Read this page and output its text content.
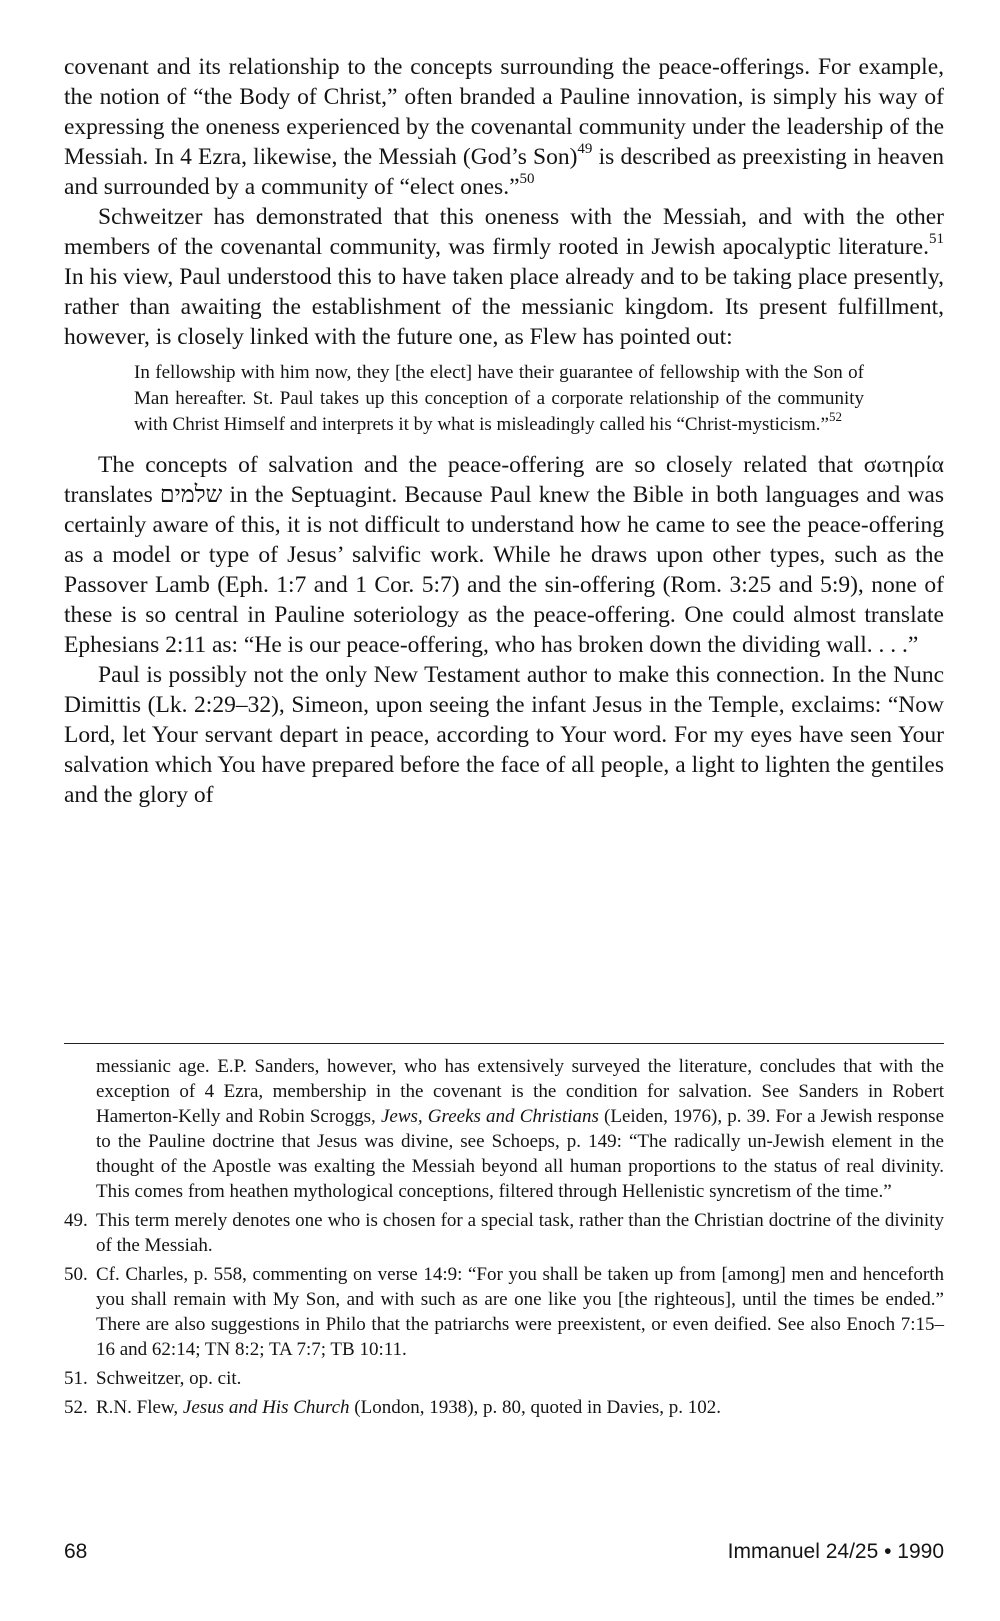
covenant and its relationship to the concepts surrounding the peace-offerings. For example, the notion of “the Body of Christ,” often branded a Pauline innovation, is simply his way of expressing the oneness experienced by the covenantal community under the leadership of the Messiah. In 4 Ezra, likewise, the Messiah (God’s Son)$^{49}$ is described as preexisting in heaven and surrounded by a community of “elect ones.”$^{50}$

Schweitzer has demonstrated that this oneness with the Messiah, and with the other members of the covenantal community, was firmly rooted in Jewish apocalyptic literature.$^{51}$ In his view, Paul understood this to have taken place already and to be taking place presently, rather than awaiting the establishment of the messianic kingdom. Its present fulfillment, however, is closely linked with the future one, as Flew has pointed out:

In fellowship with him now, they [the elect] have their guarantee of fellowship with the Son of Man hereafter. St. Paul takes up this conception of a corporate relationship of the community with Christ Himself and interprets it by what is misleadingly called his “Christ-mysticism.”$^{52}$

The concepts of salvation and the peace-offering are so closely related that σωτηρία translates שלמים in the Septuagint. Because Paul knew the Bible in both languages and was certainly aware of this, it is not difficult to understand how he came to see the peace-offering as a model or type of Jesus’ salvific work. While he draws upon other types, such as the Passover Lamb (Eph. 1:7 and 1 Cor. 5:7) and the sin-offering (Rom. 3:25 and 5:9), none of these is so central in Pauline soteriology as the peace-offering. One could almost translate Ephesians 2:11 as: “He is our peace-offering, who has broken down the dividing wall. . . .”

Paul is possibly not the only New Testament author to make this connection. In the Nunc Dimittis (Lk. 2:29–32), Simeon, upon seeing the infant Jesus in the Temple, exclaims: “Now Lord, let Your servant depart in peace, according to Your word. For my eyes have seen Your salvation which You have prepared before the face of all people, a light to lighten the gentiles and the glory of

messianic age. E.P. Sanders, however, who has extensively surveyed the literature, concludes that with the exception of 4 Ezra, membership in the covenant is the condition for salvation. See Sanders in Robert Hamerton-Kelly and Robin Scroggs, Jews, Greeks and Christians (Leiden, 1976), p. 39. For a Jewish response to the Pauline doctrine that Jesus was divine, see Schoeps, p. 149: “The radically un-Jewish element in the thought of the Apostle was exalting the Messiah beyond all human proportions to the status of real divinity. This comes from heathen mythological conceptions, filtered through Hellenistic syncretism of the time.”

49. This term merely denotes one who is chosen for a special task, rather than the Christian doctrine of the divinity of the Messiah.

50. Cf. Charles, p. 558, commenting on verse 14:9: “For you shall be taken up from [among] men and henceforth you shall remain with My Son, and with such as are one like you [the righteous], until the times be ended.” There are also suggestions in Philo that the patriarchs were preexistent, or even deified. See also Enoch 7:15–16 and 62:14; TN 8:2; TA 7:7; TB 10:11.

51. Schweitzer, op. cit.

52. R.N. Flew, Jesus and His Church (London, 1938), p. 80, quoted in Davies, p. 102.

68	Immanuel 24/25 • 1990
